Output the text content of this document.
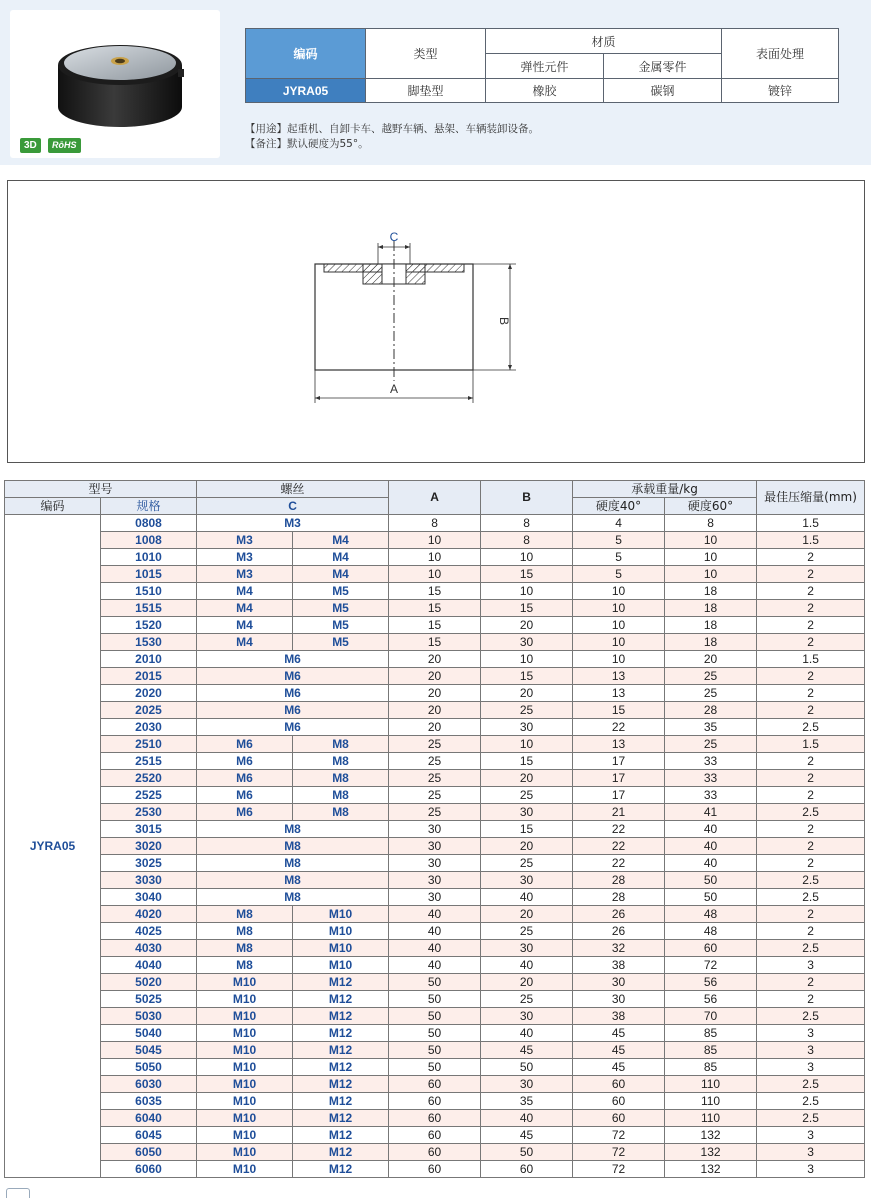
3D	RōHS
编码	类型	材质		表面处理
		弹性元件	金属零件	
JYRA05	脚垫型	橡胶	碳钢	镀锌
【用途】起重机、自卸卡车、越野车辆、悬架、车辆装卸设备。
【备注】默认硬度为55°。
C
B
A
型号		螺丝		A	B	承载重量/kg		最佳压缩量(mm)
编码	规格	C				硬度40°	硬度60°	
JYRA05	0808	M3		8	8	4	8	1.5
	1008	M3	M4	10	8	5	10	1.5
	1010	M3	M4	10	10	5	10	2
	1015	M3	M4	10	15	5	10	2
	1510	M4	M5	15	10	10	18	2
	1515	M4	M5	15	15	10	18	2
	1520	M4	M5	15	20	10	18	2
	1530	M4	M5	15	30	10	18	2
	2010	M6		20	10	10	20	1.5
	2015	M6		20	15	13	25	2
	2020	M6		20	20	13	25	2
	2025	M6		20	25	15	28	2
	2030	M6		20	30	22	35	2.5
	2510	M6	M8	25	10	13	25	1.5
	2515	M6	M8	25	15	17	33	2
	2520	M6	M8	25	20	17	33	2
	2525	M6	M8	25	25	17	33	2
	2530	M6	M8	25	30	21	41	2.5
	3015	M8		30	15	22	40	2
	3020	M8		30	20	22	40	2
	3025	M8		30	25	22	40	2
	3030	M8		30	30	28	50	2.5
	3040	M8		30	40	28	50	2.5
	4020	M8	M10	40	20	26	48	2
	4025	M8	M10	40	25	26	48	2
	4030	M8	M10	40	30	32	60	2.5
	4040	M8	M10	40	40	38	72	3
	5020	M10	M12	50	20	30	56	2
	5025	M10	M12	50	25	30	56	2
	5030	M10	M12	50	30	38	70	2.5
	5040	M10	M12	50	40	45	85	3
	5045	M10	M12	50	45	45	85	3
	5050	M10	M12	50	50	45	85	3
	6030	M10	M12	60	30	60	110	2.5
	6035	M10	M12	60	35	60	110	2.5
	6040	M10	M12	60	40	60	110	2.5
	6045	M10	M12	60	45	72	132	3
	6050	M10	M12	60	50	72	132	3
	6060	M10	M12	60	60	72	132	3
